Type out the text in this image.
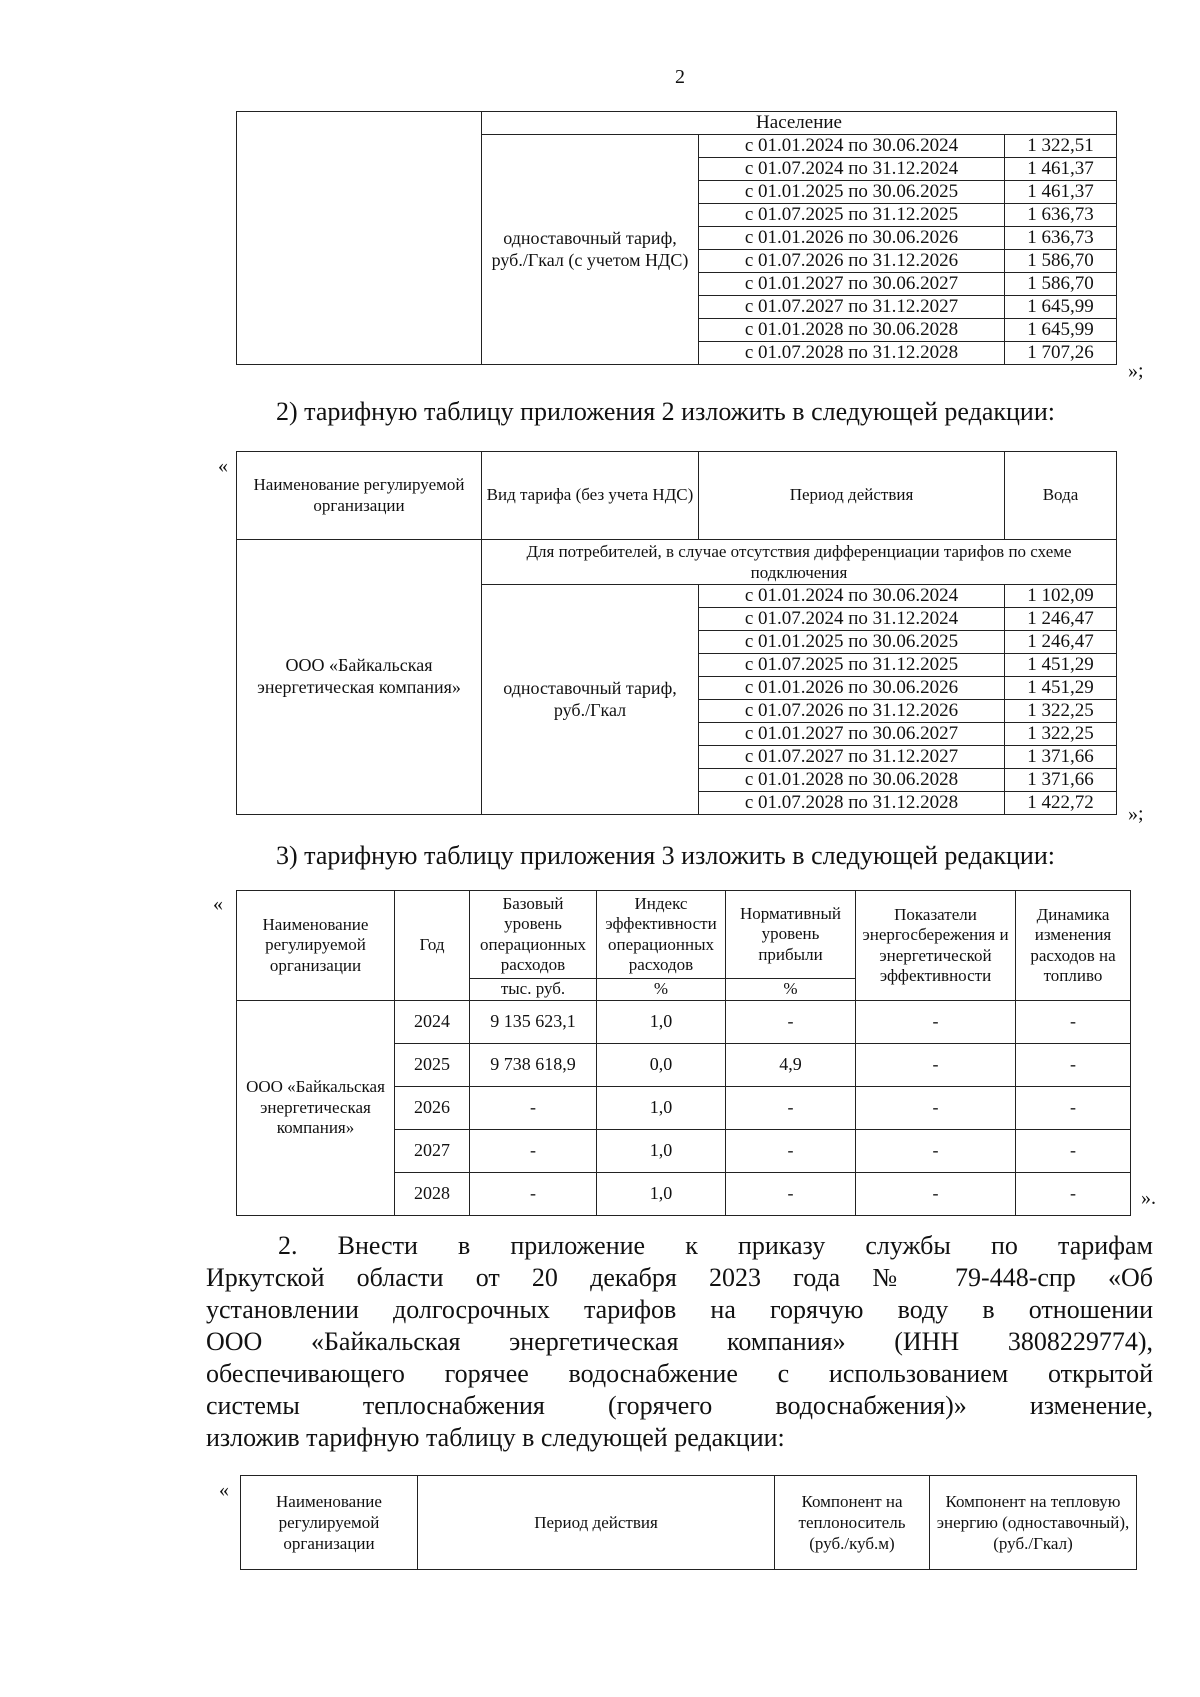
2
	Население		
	одноставочный тариф, руб./Гкал (с учетом НДС)	с 01.01.2024 по 30.06.2024	1 322,51
		с 01.07.2024 по 31.12.2024	1 461,37
		с 01.01.2025 по 30.06.2025	1 461,37
		с 01.07.2025 по 31.12.2025	1 636,73
		с 01.01.2026 по 30.06.2026	1 636,73
		с 01.07.2026 по 31.12.2026	1 586,70
		с 01.01.2027 по 30.06.2027	1 586,70
		с 01.07.2027 по 31.12.2027	1 645,99
		с 01.01.2028 по 30.06.2028	1 645,99
		с 01.07.2028 по 31.12.2028	1 707,26
»;
2) тарифную таблицу приложения 2 изложить в следующей редакции:
«
Наименование регулируемой организации	Вид тарифа (без учета НДС)	Период действия	Вода
ООО «Байкальская энергетическая компания»	Для потребителей, в случае отсутствия дифференциации тарифов по схеме подключения		
	одноставочный тариф, руб./Гкал	с 01.01.2024 по 30.06.2024	1 102,09
		с 01.07.2024 по 31.12.2024	1 246,47
		с 01.01.2025 по 30.06.2025	1 246,47
		с 01.07.2025 по 31.12.2025	1 451,29
		с 01.01.2026 по 30.06.2026	1 451,29
		с 01.07.2026 по 31.12.2026	1 322,25
		с 01.01.2027 по 30.06.2027	1 322,25
		с 01.07.2027 по 31.12.2027	1 371,66
		с 01.01.2028 по 30.06.2028	1 371,66
		с 01.07.2028 по 31.12.2028	1 422,72
»;
3) тарифную таблицу приложения 3 изложить в следующей редакции:
«
Наименование регулируемой организации	Год	Базовый уровень операционных расходов	Индекс эффективности операционных расходов	Нормативный уровень прибыли	Показатели энергосбережения и энергетической эффективности	Динамика изменения расходов на топливо
		тыс. руб.	%	%		
ООО «Байкальская энергетическая компания»	2024	9 135 623,1	1,0	-	-	-
	2025	9 738 618,9	0,0	4,9	-	-
	2026	-	1,0	-	-	-
	2027	-	1,0	-	-	-
	2028	-	1,0	-	-	-	».
2. Внести в приложение к приказу службы по тарифам
Иркутской области от 20 декабря 2023 года № 79-448-спр «Об
установлении долгосрочных тарифов на горячую воду в отношении
ООО «Байкальская энергетическая компания» (ИНН 3808229774),
обеспечивающего горячее водоснабжение с использованием открытой
системы теплоснабжения (горячего водоснабжения)» изменение,
изложив тарифную таблицу в следующей редакции:
«
Наименование регулируемой организации	Период действия	Компонент на теплоноситель (руб./куб.м)	Компонент на тепловую энергию (одноставочный), (руб./Гкал)
